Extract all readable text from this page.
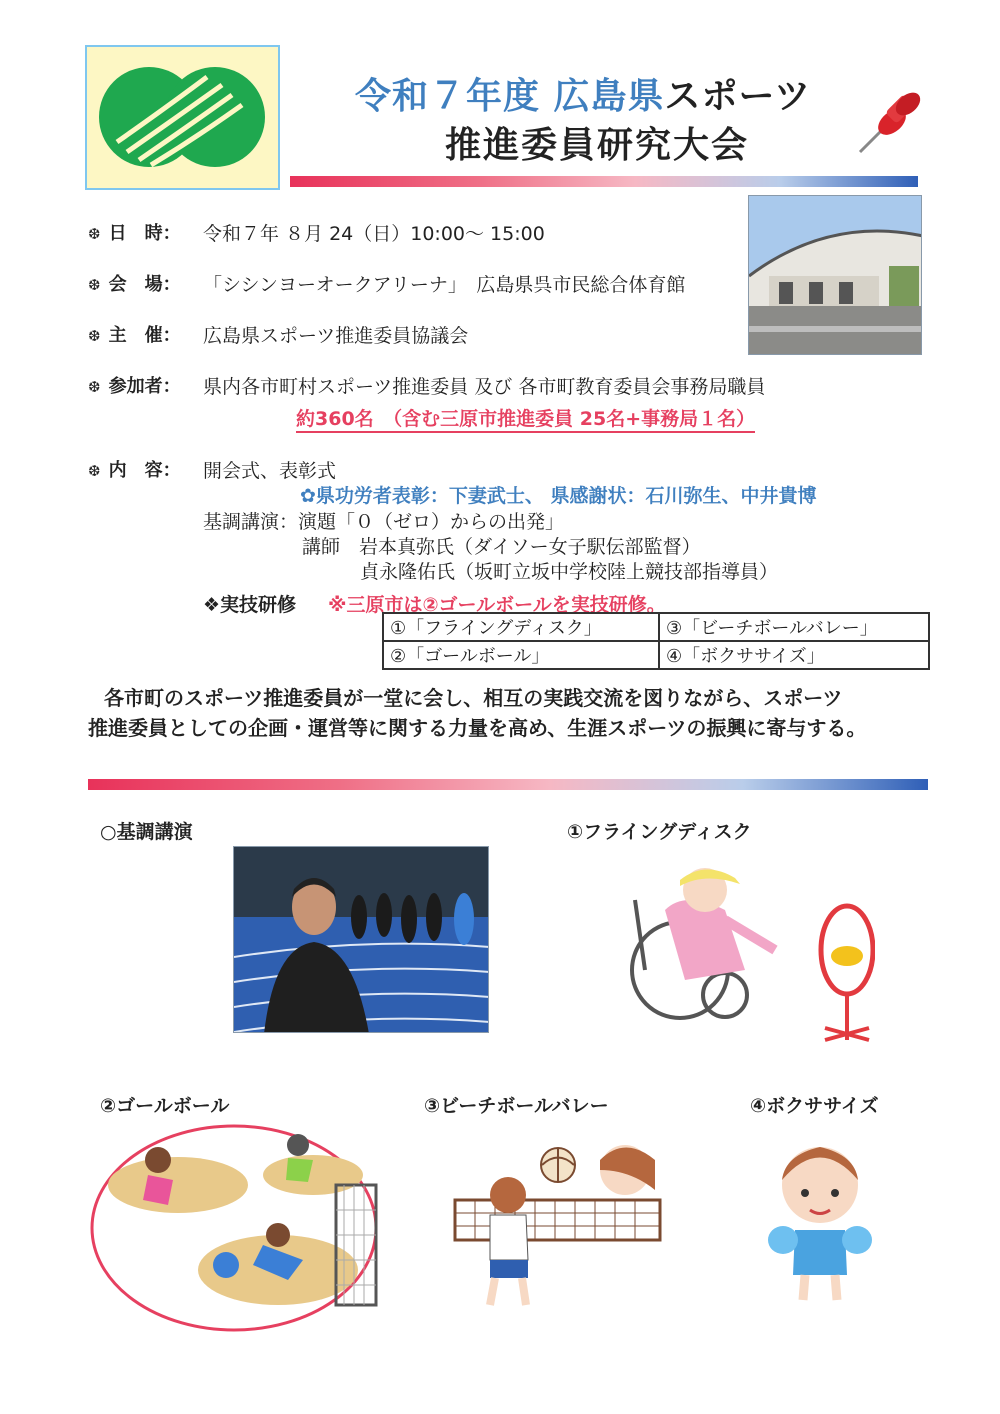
令和７年度 広島県スポーツ
推進委員研究大会
❆ 日　時： 令和７年 ８月 24（日）10:00～ 15:00
❆ 会　場： 「シシンヨーオークアリーナ」　広島県呉市民総合体育館
❆ 主　催： 広島県スポーツ推進委員協議会
❆ 参加者： 県内各市町村スポーツ推進委員 及び 各市町教育委員会事務局職員
約360名　（含む三原市推進委員 25名+事務局１名）
❆ 内　容： 開会式、表彰式
✿県功労者表彰：下妻武士、 県感謝状：石川弥生、中井貴博
基調講演：演題「０（ゼロ）からの出発」
講師　岩本真弥氏（ダイソー女子駅伝部監督）
貞永隆佑氏（坂町立坂中学校陸上競技部指導員）
❖実技研修 ※三原市は②ゴールボールを実技研修。
①「フライングディスク」	③「ビーチボールバレー」
②「ゴールボール」	④「ボクササイズ」
各市町のスポーツ推進委員が一堂に会し、相互の実践交流を図りながら、スポーツ
推進委員としての企画・運営等に関する力量を高め、生涯スポーツの振興に寄与する。
○基調講演	①フライングディスク
②ゴールボール	③ビーチボールバレー	④ボクササイズ
